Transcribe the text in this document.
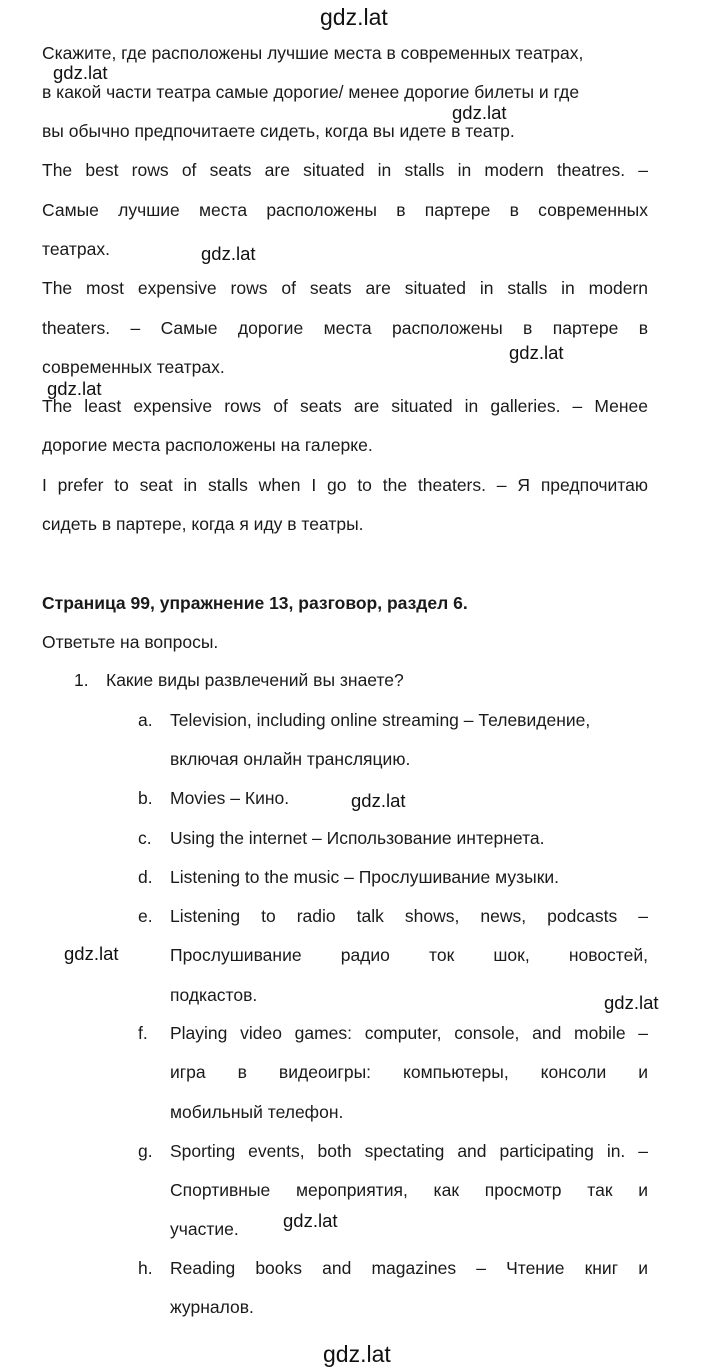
gdz.lat
Скажите, где расположены лучшие места в современных театрах,
gdz.lat
в какой части театра самые дорогие/ менее дорогие билеты и где
gdz.lat
вы обычно предпочитаете сидеть, когда вы идете в театр.
The best rows of seats are situated in stalls in modern theatres. –
Самые лучшие места расположены в партере в современных
театрах.	gdz.lat
The most expensive rows of seats are situated in stalls in modern
theaters. – Самые дорогие места расположены в партере в
gdz.lat
современных театрах.
gdz.lat
The least expensive rows of seats are situated in galleries. – Менее
дорогие места расположены на галерке.
I prefer to seat in stalls when I go to the theaters. – Я предпочитаю
сидеть в партере, когда я иду в театры.
Страница 99, упражнение 13, разговор, раздел 6.
Ответьте на вопросы.
1. Какие виды развлечений вы знаете?
a. Television, including online streaming – Телевидение,
включая онлайн трансляцию.
b. Movies – Кино.	gdz.lat
c. Using the internet – Использование интернета.
d. Listening to the music – Прослушивание музыки.
e. Listening to radio talk shows, news, podcasts –
gdz.lat	Прослушивание радио ток шок, новостей,
подкастов.	gdz.lat
f. Playing video games: computer, console, and mobile –
игра в видеоигры: компьютеры, консоли и
мобильный телефон.
g. Sporting events, both spectating and participating in. –
Спортивные мероприятия, как просмотр так и
участие.	gdz.lat
h. Reading books and magazines – Чтение книг и
журналов.
gdz.lat
